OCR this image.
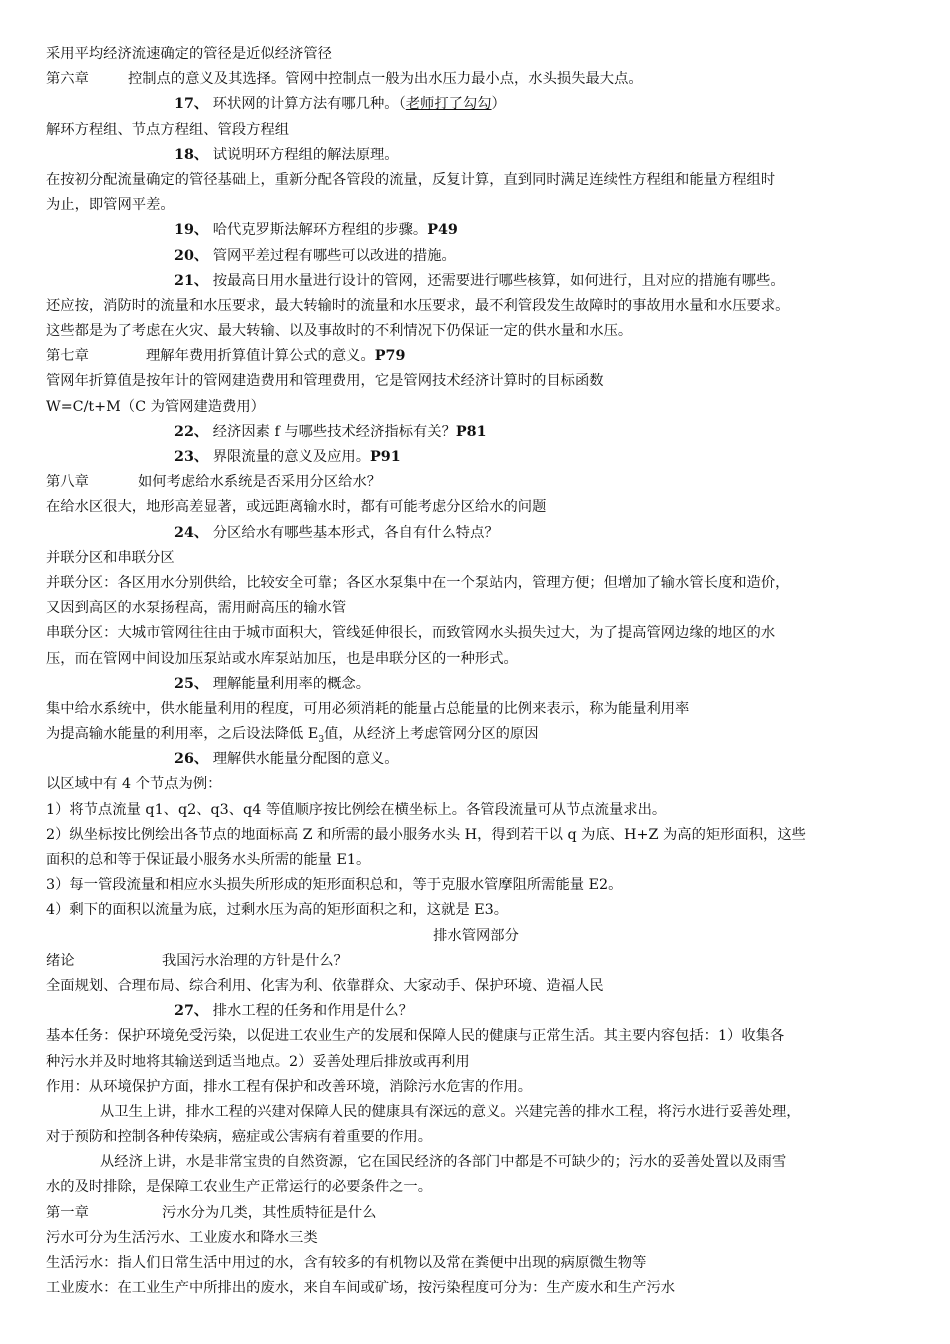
采用平均经济流速确定的管径是近似经济管径
第六章	控制点的意义及其选择。管网中控制点一般为出水压力最小点，水头损失最大点。
17、 环状网的计算方法有哪几种。（老师打了勾勾）
解环方程组、节点方程组、管段方程组
18、 试说明环方程组的解法原理。
在按初分配流量确定的管径基础上，重新分配各管段的流量，反复计算，直到同时满足连续性方程组和能量方程组时
为止，即管网平差。
19、 哈代克罗斯法解环方程组的步骤。P49
20、 管网平差过程有哪些可以改进的措施。
21、 按最高日用水量进行设计的管网，还需要进行哪些核算，如何进行，且对应的措施有哪些。
还应按，消防时的流量和水压要求，最大转输时的流量和水压要求，最不利管段发生故障时的事故用水量和水压要求。
这些都是为了考虑在火灾、最大转输、以及事故时的不利情况下仍保证一定的供水量和水压。
第七章	理解年费用折算值计算公式的意义。P79
管网年折算值是按年计的管网建造费用和管理费用，它是管网技术经济计算时的目标函数
W=C/t+M（C 为管网建造费用）
22、 经济因素 f 与哪些技术经济指标有关？P81
23、 界限流量的意义及应用。P91
第八章	如何考虑给水系统是否采用分区给水？
在给水区很大，地形高差显著，或远距离输水时，都有可能考虑分区给水的问题
24、 分区给水有哪些基本形式，各自有什么特点？
并联分区和串联分区
并联分区：各区用水分别供给，比较安全可靠；各区水泵集中在一个泵站内，管理方便；但增加了输水管长度和造价，
又因到高区的水泵扬程高，需用耐高压的输水管
串联分区：大城市管网往往由于城市面积大，管线延伸很长，而致管网水头损失过大，为了提高管网边缘的地区的水
压，而在管网中间设加压泵站或水库泵站加压，也是串联分区的一种形式。
25、 理解能量利用率的概念。
集中给水系统中，供水能量利用的程度，可用必须消耗的能量占总能量的比例来表示，称为能量利用率
为提高输水能量的利用率，之后设法降低 $E_3$值，从经济上考虑管网分区的原因
26、 理解供水能量分配图的意义。
以区域中有 4 个节点为例：
1）将节点流量 q1、q2、q3、q4 等值顺序按比例绘在横坐标上。各管段流量可从节点流量求出。
2）纵坐标按比例绘出各节点的地面标高 Z 和所需的最小服务水头 H，得到若干以 q 为底、H+Z 为高的矩形面积，这些
面积的总和等于保证最小服务水头所需的能量 E1。
3）每一管段流量和相应水头损失所形成的矩形面积总和，等于克服水管摩阻所需能量 E2。
4）剩下的面积以流量为底，过剩水压为高的矩形面积之和，这就是 E3。
排水管网部分
绪论	我国污水治理的方针是什么？
全面规划、合理布局、综合利用、化害为利、依靠群众、大家动手、保护环境、造福人民
27、 排水工程的任务和作用是什么？
基本任务：保护环境免受污染，以促进工农业生产的发展和保障人民的健康与正常生活。其主要内容包括：1）收集各
种污水并及时地将其输送到适当地点。2）妥善处理后排放或再利用
作用：从环境保护方面，排水工程有保护和改善环境，消除污水危害的作用。
从卫生上讲，排水工程的兴建对保障人民的健康具有深远的意义。兴建完善的排水工程，将污水进行妥善处理，
对于预防和控制各种传染病，癌症或公害病有着重要的作用。
从经济上讲，水是非常宝贵的自然资源，它在国民经济的各部门中都是不可缺少的；污水的妥善处置以及雨雪
水的及时排除，是保障工农业生产正常运行的必要条件之一。
第一章	污水分为几类，其性质特征是什么
污水可分为生活污水、工业废水和降水三类
生活污水：指人们日常生活中用过的水，含有较多的有机物以及常在粪便中出现的病原微生物等
工业废水：在工业生产中所排出的废水，来自车间或矿场，按污染程度可分为：生产废水和生产污水
